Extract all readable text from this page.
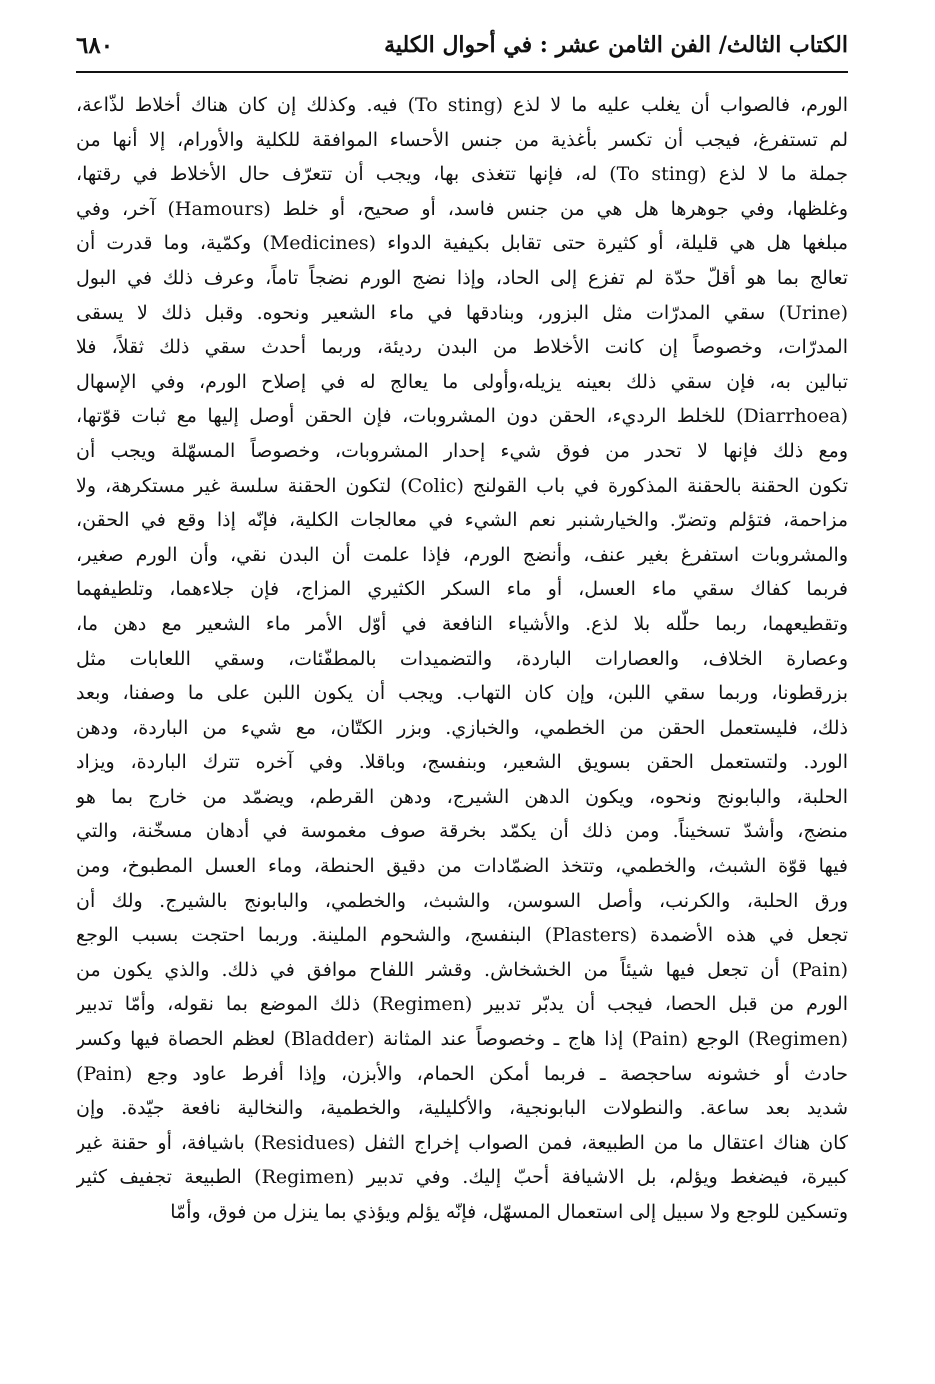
الكتاب الثالث/ الفن الثامن عشر : في أحوال الكلية
٦٨٠
الورم، فالصواب أن يغلب عليه ما لا لذع (To sting) فيه. وكذلك إن كان هناك أخلاط لذّاعة،
لم تستفرغ، فيجب أن تكسر بأغذية من جنس الأحساء الموافقة للكلية والأورام، إلا أنها من
جملة ما لا لذع (To sting) له، فإنها تتغذى بها، ويجب أن تتعرّف حال الأخلاط في رقتها،
وغلظها، وفي جوهرها هل هي من جنس فاسد، أو صحيح، أو خلط (Hamours) آخر، وفي
مبلغها هل هي قليلة، أو كثيرة حتى تقابل بكيفية الدواء (Medicines) وكمّية، وما قدرت أن
تعالج بما هو أقلّ حدّة لم تفزع إلى الحاد، وإذا نضج الورم نضجاً تاماً، وعرف ذلك في البول
(Urine) سقي المدرّات مثل البزور، وبنادقها في ماء الشعير ونحوه. وقبل ذلك لا يسقى
المدرّات، وخصوصاً إن كانت الأخلاط من البدن رديئة، وربما أحدث سقي ذلك ثقلاً، فلا
تبالين به، فإن سقي ذلك بعينه يزيله،وأولى ما يعالج له في إصلاح الورم، وفي الإسهال
(Diarrhoea) للخلط الرديء، الحقن دون المشروبات، فإن الحقن أوصل إليها مع ثبات قوّتها،
ومع ذلك فإنها لا تحدر من فوق شيء إحدار المشروبات، وخصوصاً المسهّلة ويجب أن
تكون الحقنة بالحقنة المذكورة في باب القولنج (Colic) لتكون الحقنة سلسة غير مستكرهة، ولا
مزاحمة، فتؤلم وتضرّ. والخيارشنبر نعم الشيء في معالجات الكلية، فإنّه إذا وقع في الحقن،
والمشروبات استفرغ بغير عنف، وأنضج الورم، فإذا علمت أن البدن نقي، وأن الورم صغير،
فربما كفاك سقي ماء العسل، أو ماء السكر الكثيري المزاج، فإن جلاءهما، وتلطيفهما
وتقطيعهما، ربما حلّله بلا لذع. والأشياء النافعة في أوّل الأمر ماء الشعير مع دهن ما،
وعصارة الخلاف، والعصارات الباردة، والتضميدات بالمطفّئات، وسقي اللعابات مثل
بزرقطونا، وربما سقي اللبن، وإن كان التهاب. ويجب أن يكون اللبن على ما وصفنا، وبعد
ذلك، فليستعمل الحقن من الخطمي، والخبازي. وبزر الكتّان، مع شيء من الباردة، ودهن
الورد. ولتستعمل الحقن بسويق الشعير، وبنفسج، وباقلا. وفي آخره تترك الباردة، ويزاد
الحلبة، والبابونج ونحوه، ويكون الدهن الشيرج، ودهن القرطم، ويضمّد من خارج بما هو
منضج، وأشدّ تسخيناً. ومن ذلك أن يكمّد بخرقة صوف مغموسة في أدهان مسخّنة، والتي
فيها قوّة الشبث، والخطمي، وتتخذ الضمّادات من دقيق الحنطة، وماء العسل المطبوخ، ومن
ورق الحلبة، والكرنب، وأصل السوسن، والشبث، والخطمي، والبابونج بالشيرج. ولك أن
تجعل في هذه الأضمدة (Plasters) البنفسج، والشحوم الملينة. وربما احتجت بسبب الوجع
(Pain) أن تجعل فيها شيئاً من الخشخاش. وقشر اللفاح موافق في ذلك. والذي يكون من
الورم من قبل الحصا، فيجب أن يدبّر تدبير (Regimen) ذلك الموضع بما نقوله، وأمّا تدبير
(Regimen) الوجع (Pain) إذا هاج ـ وخصوصاً عند المثانة (Bladder) لعظم الحصاة فيها وكسر
حادث أو خشونه ساحجصة ـ فربما أمكن الحمام، والأبزن، وإذا أفرط عاود وجع (Pain)
شديد بعد ساعة. والنطولات البابونجية، والأكليلية، والخطمية، والنخالية نافعة جيّدة. وإن
كان هناك اعتقال ما من الطبيعة، فمن الصواب إخراج الثفل (Residues) باشيافة، أو حقنة غير
كبيرة، فيضغط ويؤلم، بل الاشيافة أحبّ إليك. وفي تدبير (Regimen) الطبيعة تجفيف كثير
وتسكين للوجع ولا سبيل إلى استعمال المسهّل، فإنّه يؤلم ويؤذي بما ينزل من فوق، وأمّا
